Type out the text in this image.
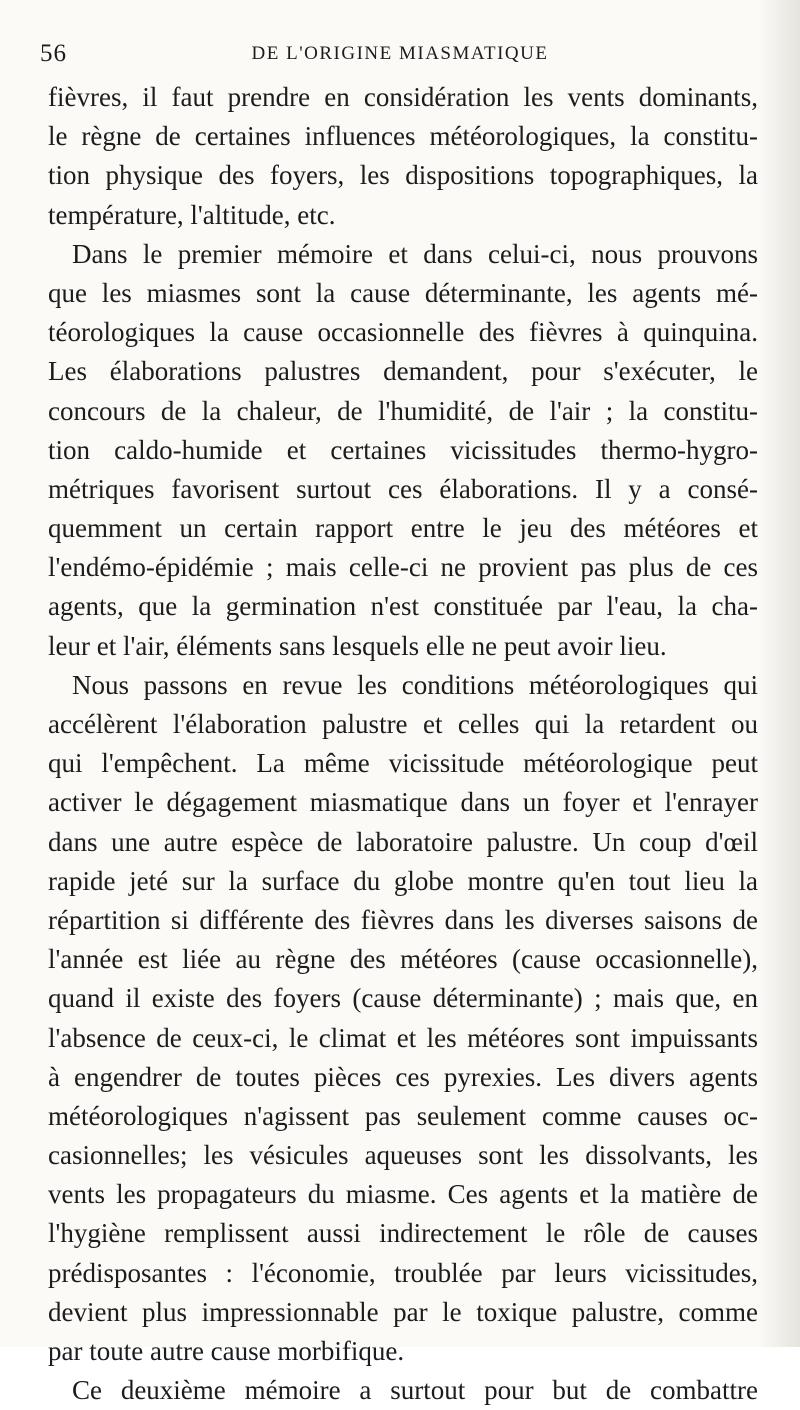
56	DE L'ORIGINE MIASMATIQUE
fièvres, il faut prendre en considération les vents dominants,
le règne de certaines influences météorologiques, la constitu-
tion physique des foyers, les dispositions topographiques, la
température, l'altitude, etc.
Dans le premier mémoire et dans celui-ci, nous prouvons
que les miasmes sont la cause déterminante, les agents mé-
téorologiques la cause occasionnelle des fièvres à quinquina.
Les élaborations palustres demandent, pour s'exécuter, le
concours de la chaleur, de l'humidité, de l'air ; la constitu-
tion caldo-humide et certaines vicissitudes thermo-hygro-
métriques favorisent surtout ces élaborations. Il y a consé-
quemment un certain rapport entre le jeu des météores et
l'endémo-épidémie ; mais celle-ci ne provient pas plus de ces
agents, que la germination n'est constituée par l'eau, la cha-
leur et l'air, éléments sans lesquels elle ne peut avoir lieu.
Nous passons en revue les conditions météorologiques qui
accélèrent l'élaboration palustre et celles qui la retardent ou
qui l'empêchent. La même vicissitude météorologique peut
activer le dégagement miasmatique dans un foyer et l'enrayer
dans une autre espèce de laboratoire palustre. Un coup d'œil
rapide jeté sur la surface du globe montre qu'en tout lieu la
répartition si différente des fièvres dans les diverses saisons de
l'année est liée au règne des météores (cause occasionnelle),
quand il existe des foyers (cause déterminante) ; mais que, en
l'absence de ceux-ci, le climat et les météores sont impuissants
à engendrer de toutes pièces ces pyrexies. Les divers agents
météorologiques n'agissent pas seulement comme causes oc-
casionnelles; les vésicules aqueuses sont les dissolvants, les
vents les propagateurs du miasme. Ces agents et la matière de
l'hygiène remplissent aussi indirectement le rôle de causes
prédisposantes : l'économie, troublée par leurs vicissitudes,
devient plus impressionnable par le toxique palustre, comme
par toute autre cause morbifique.
Ce deuxième mémoire a surtout pour but de combattre
